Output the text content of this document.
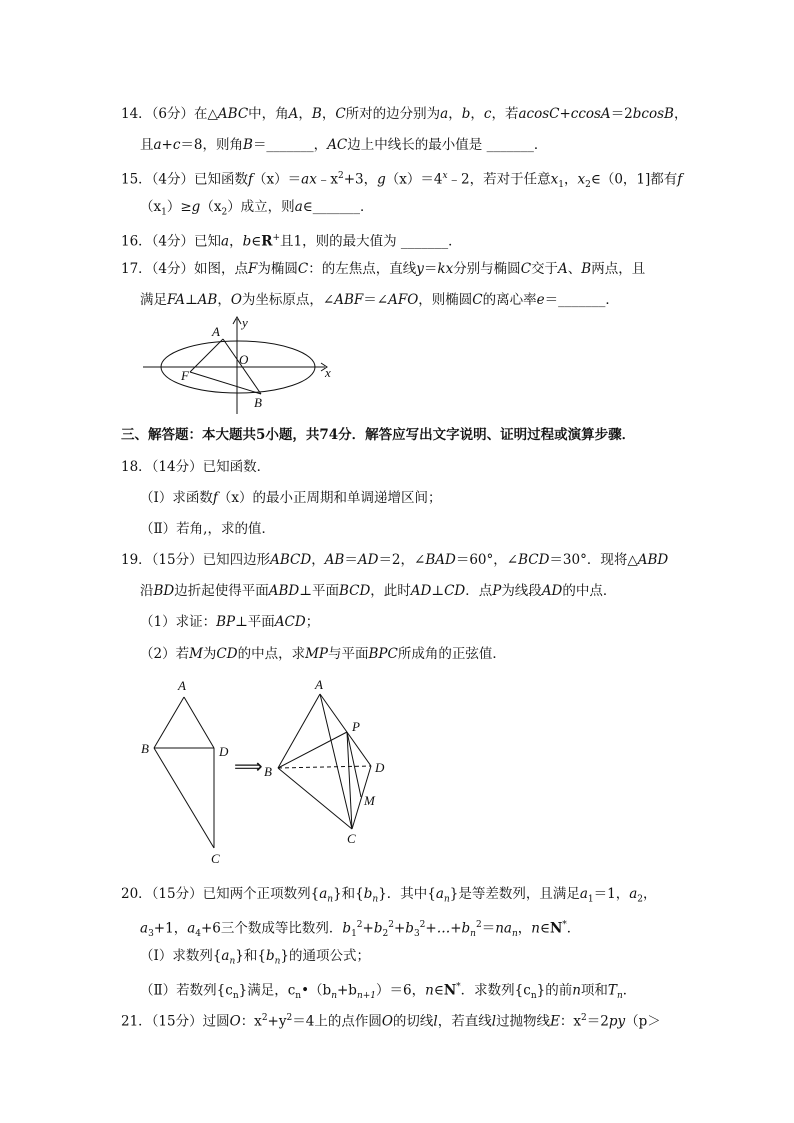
14．（6分）在△ABC中，角A，B，C所对的边分别为a，b，c，若acosC+ccosA＝2bcosB，
且a+c＝8，则角B＝_______，AC边上中线长的最小值是 _______．
15．（4分）已知函数$f(x)=ax﹣x^2+3$，$g(x)=4^x﹣2$，若对于任意$x_1$，$x_2\in(0$，1]都有f
$(x_1)\ge g(x_2)$成立，则a∈_______．
16．（4分）已知a，b∈R+且1，则的最大值为 _______．
17．（4分）如图，点F为椭圆C：的左焦点，直线y＝kx分别与椭圆C交于A、B两点，且
满足FA⊥AB，O为坐标原点，∠ABF＝∠AFO，则椭圆C的离心率e＝_______．
A
y
O
F	x
B
三、解答题：本大题共5小题，共74分．解答应写出文字说明、证明过程或演算步骤．
18．（14分）已知函数．
（Ⅰ）求函数f（x）的最小正周期和单调递增区间；
（Ⅱ）若角,，求的值．
19．（15分）已知四边形ABCD，AB＝AD＝2，∠BAD＝60°，∠BCD＝30°．现将△ABD
沿BD边折起使得平面ABD⊥平面BCD，此时AD⊥CD．点P为线段AD的中点．
（1）求证：BP⊥平面ACD；
（2）若M为CD的中点，求MP与平面BPC所成角的正弦值．
A
B	D
C
⟹
A
P
B	D
M
C
20．（15分）已知两个正项数列$\{a_n\}$和$\{b_n\}$．其中$\{a_n\}$是等差数列，且满足$a_1=1$，$a_2$，
$a_3+1$，$a_4+6$三个数成等比数列．$b_1^2+b_2^2+b_3^2+\dots+b_n^2=na_n$，n∈N*．
（Ⅰ）求数列$\{a_n\}$和$\{b_n\}$的通项公式；
（Ⅱ）若数列$\{c_n\}$满足，$c_n•(b_n+b_{n+1})=6$，n∈N*．求数列$\{c_n\}$的前n项和$T_n$．
21．（15分）过圆O：$x^2+y^2=4$上的点作圆O的切线l，若直线l过抛物线E：$x^2=2py(p>$
